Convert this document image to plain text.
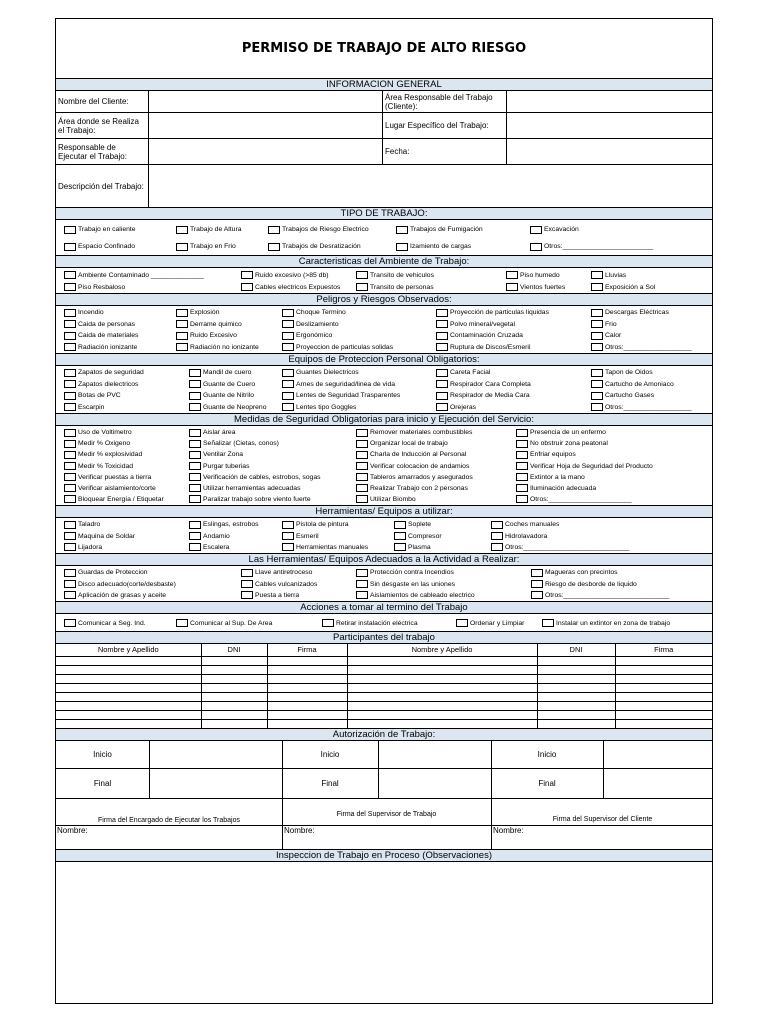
PERMISO DE TRABAJO DE ALTO RIESGO
INFORMACION GENERAL
Nombre del Cliente:	Área Responsable del Trabajo (Cliente):
Área donde se Realiza el Trabajo:	Lugar Específico del Trabajo:
Responsable de Ejecutar el Trabajo:	Fecha:
Descripción del Trabajo:
TIPO DE TRABAJO:
Trabajo en caliente	Trabajo de Altura	Trabajos de Riesgo Electrico	Trabajos de Fumigación	Excavación
Espacio Confinado	Trabajo en Frio	Trabajos de Desratización	Izamiento de cargas	Otros:________________________
Caracteristicas del Ambiente de Trabajo:
Ambiente Contaminado ______________	Ruido excesivo (>85 db)	Transito de vehiculos	Piso humedo	Lluvias
Piso Resbaloso	Cables electricos Expuestos	Transito de personas	Vientos fuertes	Exposición a Sol
Peligros y Riesgos Observados:
Incendio	Explosión	Choque Termino	Proyección de particulas liquidas	Descargas Eléctricas
Caida de personas	Derrame quimico	Deslizamiento	Polvo mineral/vegetal	Frio
Caida de materiales	Ruido Excesivo	Ergonómico	Contaminación Cruzada	Calor
Radiación ionizante	Radiación no ionizante	Proyeccion de particulas solidas	Ruptura de Discos/Esmeril	Otros:__________________
Equipos de Proteccion Personal Obligatorios:
Zapatos de seguridad	Mandil de cuero	Guantes Dielectricos	Careta Facial	Tapon de Oidos
Zapatos dielectricos	Guante de Cuero	Arnes de seguridad/linea de vida	Respirador Cara Completa	Cartucho de Amoniaco
Botas de PVC	Guante de Nitrilo	Lentes de Seguridad Trasparentes	Respirador de Media Cara	Cartucho Gases
Escarpin	Guante de Neopreno	Lentes tipo Goggles	Orejeras	Otros:__________________
Medidas de Seguridad Obligatorias para inicio y Ejecución del Servicio:
Uso de Voltimetro	Aislar área	Remover materiales combustibles	Presencia de un enfermo
Medir % Oxigeno	Señalizar (Cietas, conos)	Organizar local de trabajo	No obstruir zona peatonal
Medir % explosividad	Ventilar Zona	Charla de Inducción al Personal	Enfriar equipos
Medir % Toxicidad	Purgar tuberias	Verificar colocacion de andamios	Verificar Hoja de Seguridad del Producto
Verificar puestas a tierra	Verificación de cables, estrobos, sogas	Tableros amarrados y asegurados	Extintor a la mano
Verificar aislamiento/corte	Utilizar herramientas adecuadas	Realizar Trabajo con 2 personas	Iluminación adecuada
Bloquear Energía / Etiquetar	Paralizar trabajo sobre viento fuerte	Utilizar Biombo	Otros:______________________
Herramientas/ Equipos a utilizar:
Taladro	Eslingas, estrobos	Pistola de pintura	Soplete	Coches manuales
Maquina de Soldar	Andamio	Esmeril	Compresor	Hidrolavadora
Lijadora	Escalera	Herramientas manuales	Plasma	Otros:____________________________
Las Herramientas/ Equipos Adecuados a la Actividad a Realizar:
Guardas de Proteccion	Llave antiretroceso	Protección contra Incendios	Magueras con precintos
Disco adecuado(corte/desbaste)	Cables vulcanizados	Sin desgaste en las uniones	Riesgo de desborde de liquido
Aplicación de grasas y aceite	Puesta a tierra	Aislamientos de cableado electrico	Otros:____________________________
Acciones a tomar al termino del Trabajo
Comunicar a Seg. Ind.	Comunicar al Sup. De Area	Retirar instalación eléctrica	Ordenar y Limpiar	Instalar un extintor en zona de trabajo
Participantes del trabajo
Nombre y Apellido	DNI	Firma	Nombre y Apellido	DNI	Firma

Autorización de Trabajo:
Inicio	Inicio	Inicio
Final	Final	Final
Firma del Encargado de Ejecutar los Trabajos
Firma del Supervisor de Trabajo
Firma del Supervisor del Cliente
Nombre:	Nombre:	Nombre:
Inspeccion de Trabajo en Proceso (Observaciones)
